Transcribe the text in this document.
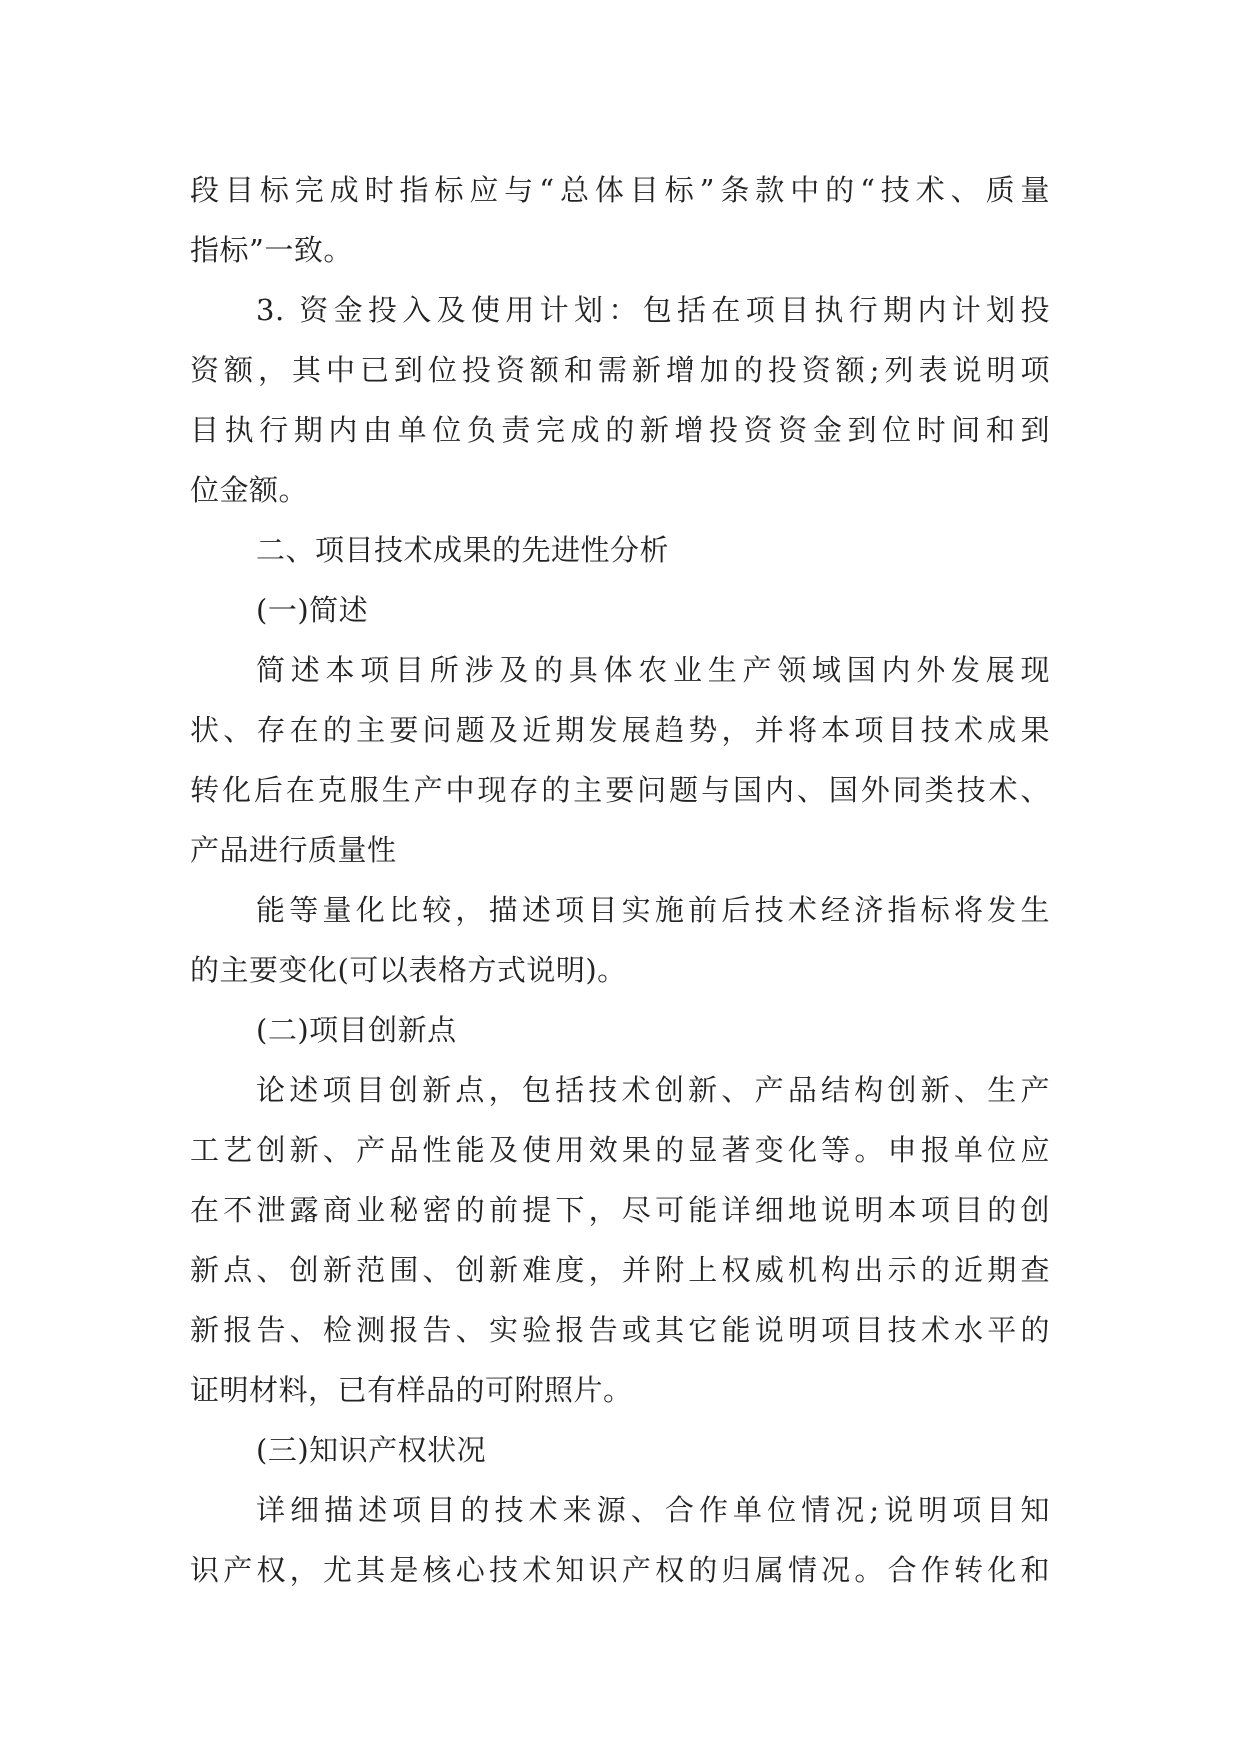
段目标完成时指标应与“总体目标”条款中的“技术、质量
指标”一致。
3. 资金投入及使用计划：包括在项目执行期内计划投
资额，其中已到位投资额和需新增加的投资额;列表说明项
目执行期内由单位负责完成的新增投资资金到位时间和到
位金额。
二、项目技术成果的先进性分析
(一)简述
简述本项目所涉及的具体农业生产领域国内外发展现
状、存在的主要问题及近期发展趋势，并将本项目技术成果
转化后在克服生产中现存的主要问题与国内、国外同类技术、
产品进行质量性
能等量化比较，描述项目实施前后技术经济指标将发生
的主要变化(可以表格方式说明)。
(二)项目创新点
论述项目创新点，包括技术创新、产品结构创新、生产
工艺创新、产品性能及使用效果的显著变化等。申报单位应
在不泄露商业秘密的前提下，尽可能详细地说明本项目的创
新点、创新范围、创新难度，并附上权威机构出示的近期查
新报告、检测报告、实验报告或其它能说明项目技术水平的
证明材料，已有样品的可附照片。
(三)知识产权状况
详细描述项目的技术来源、合作单位情况;说明项目知
识产权，尤其是核心技术知识产权的归属情况。合作转化和
